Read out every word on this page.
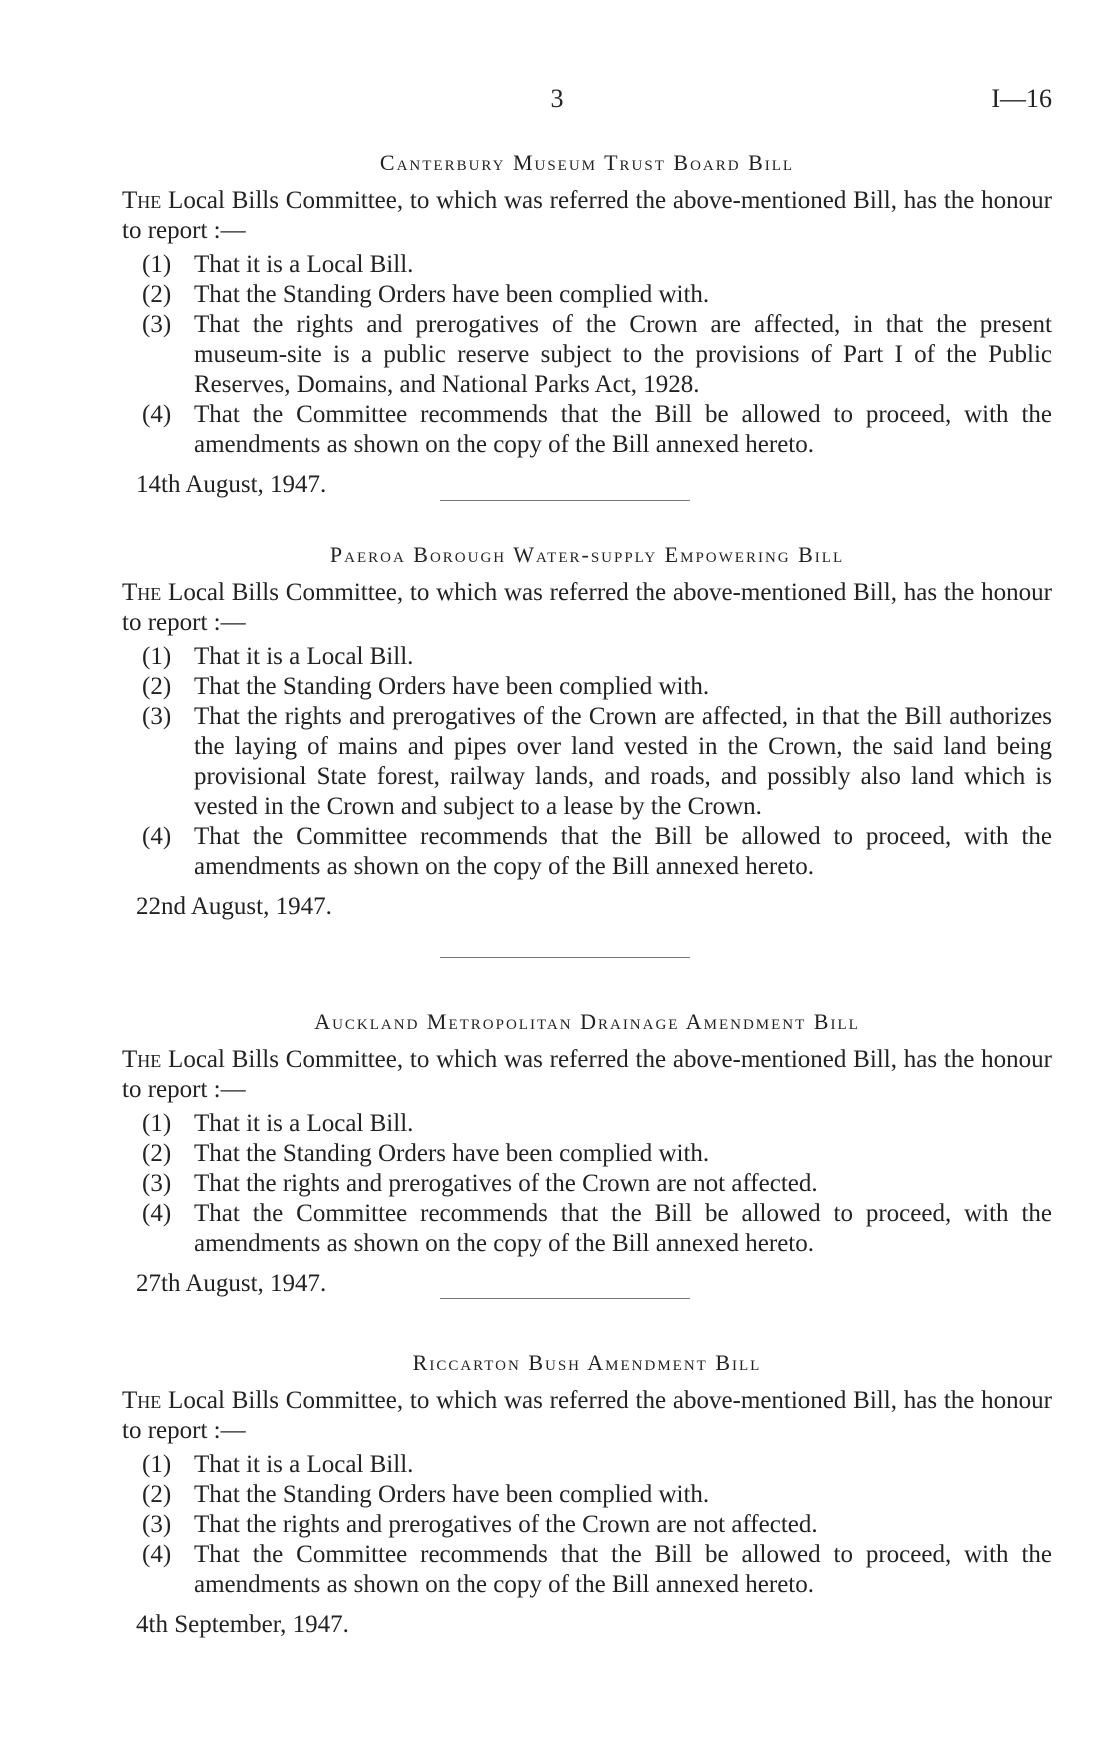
3	I—16
Canterbury Museum Trust Board Bill

The Local Bills Committee, to which was referred the above-mentioned Bill, has the honour to report :—

(1) That it is a Local Bill.
(2) That the Standing Orders have been complied with.
(3) That the rights and prerogatives of the Crown are affected, in that the present museum-site is a public reserve subject to the provisions of Part I of the Public Reserves, Domains, and National Parks Act, 1928.
(4) That the Committee recommends that the Bill be allowed to proceed, with the amendments as shown on the copy of the Bill annexed hereto.
14th August, 1947.
Paeroa Borough Water-supply Empowering Bill

The Local Bills Committee, to which was referred the above-mentioned Bill, has the honour to report :—

(1) That it is a Local Bill.
(2) That the Standing Orders have been complied with.
(3) That the rights and prerogatives of the Crown are affected, in that the Bill authorizes the laying of mains and pipes over land vested in the Crown, the said land being provisional State forest, railway lands, and roads, and possibly also land which is vested in the Crown and subject to a lease by the Crown.
(4) That the Committee recommends that the Bill be allowed to proceed, with the amendments as shown on the copy of the Bill annexed hereto.
22nd August, 1947.
Auckland Metropolitan Drainage Amendment Bill

The Local Bills Committee, to which was referred the above-mentioned Bill, has the honour to report :—

(1) That it is a Local Bill.
(2) That the Standing Orders have been complied with.
(3) That the rights and prerogatives of the Crown are not affected.
(4) That the Committee recommends that the Bill be allowed to proceed, with the amendments as shown on the copy of the Bill annexed hereto.
27th August, 1947.
Riccarton Bush Amendment Bill

The Local Bills Committee, to which was referred the above-mentioned Bill, has the honour to report :—

(1) That it is a Local Bill.
(2) That the Standing Orders have been complied with.
(3) That the rights and prerogatives of the Crown are not affected.
(4) That the Committee recommends that the Bill be allowed to proceed, with the amendments as shown on the copy of the Bill annexed hereto.
4th September, 1947.
